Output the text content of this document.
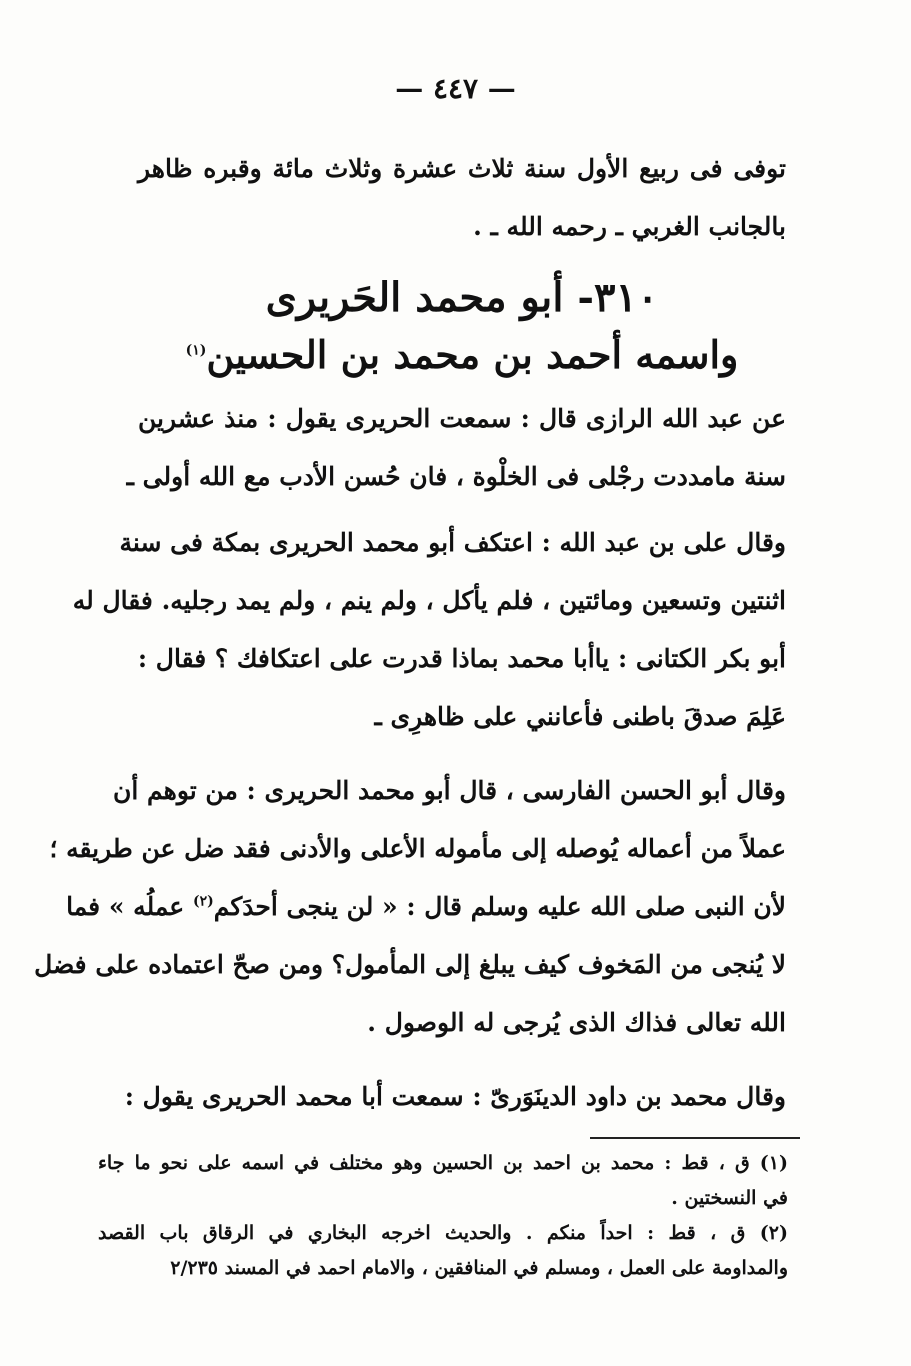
— ٤٤٧ —
توفى فى ربيع الأول سنة ثلاث عشرة وثلاث مائة وقبره ظاهر
بالجانب الغربي ـ رحمه الله ـ .
٣١٠- أبو محمد الحَريرى
واسمه أحمد بن محمد بن الحسين$^{(١)}$
عن عبد الله الرازى قال : سمعت الحريرى يقول : منذ عشرين
سنة مامددت رجْلى فى الخلْوة ، فان حُسن الأدب مع الله أولى ـ
وقال على بن عبد الله : اعتكف أبو محمد الحريرى بمكة فى سنة
اثنتين وتسعين ومائتين ، فلم يأكل ، ولم ينم ، ولم يمد رجليه. فقال له
أبو بكر الكتانى : ياأبا محمد بماذا قدرت على اعتكافك ؟ فقال :
عَلِمَ صدقَ باطنى فأعانني على ظاهرِى ـ
وقال أبو الحسن الفارسى ، قال أبو محمد الحريرى : من توهم أن
عملاً من أعماله يُوصله إلى مأموله الأعلى والأدنى فقد ضل عن طريقه ؛
لأن النبى صلى الله عليه وسلم قال : « لن ينجى أحدَكم$^{(٢)}$ عملُه » فما
لا يُنجى من المَخوف كيف يبلغ إلى المأمول؟ ومن صحّ اعتماده على فضل
الله تعالى فذاك الذى يُرجى له الوصول .
وقال محمد بن داود الدينَوَرىّ : سمعت أبا محمد الحريرى يقول :
(١) ق ، قط : محمد بن احمد بن الحسين وهو مختلف في اسمه على نحو ما جاء
في النسختين .
(٢) ق ، قط : احداً منكم . والحديث اخرجه البخاري في الرقاق باب القصد
والمداومة على العمل ، ومسلم في المنافقين ، والامام احمد في المسند ٢/٢٣٥
